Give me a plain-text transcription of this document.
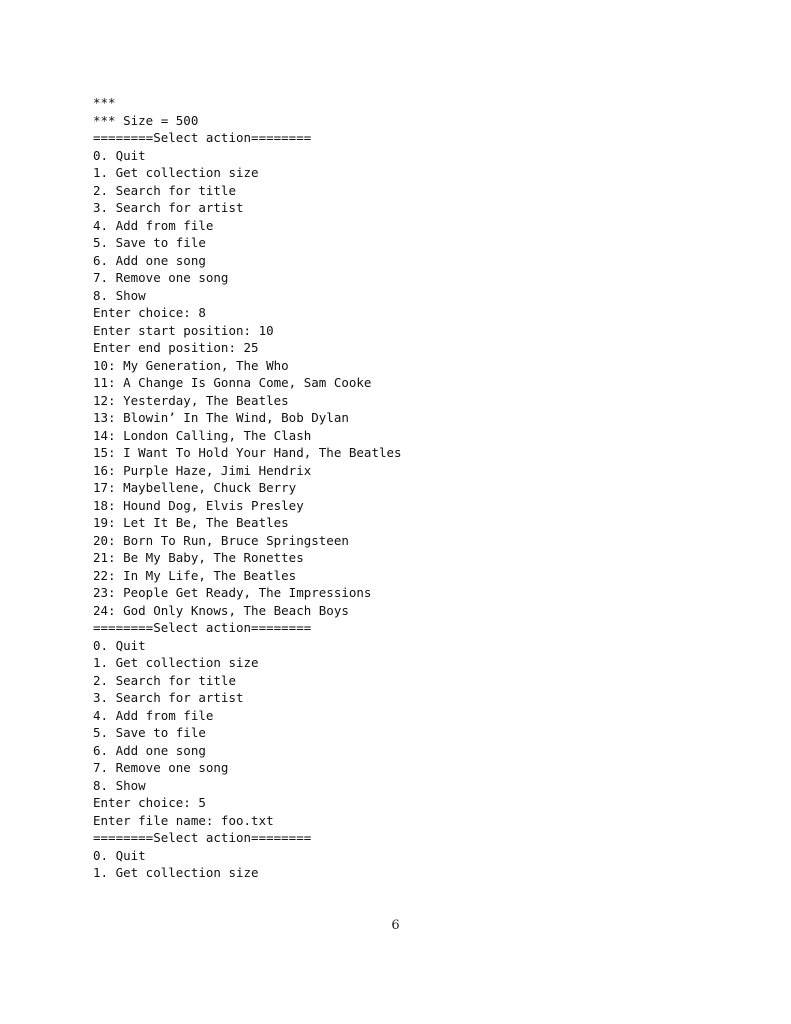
***
*** Size = 500
========Select action========
0. Quit
1. Get collection size
2. Search for title
3. Search for artist
4. Add from file
5. Save to file
6. Add one song
7. Remove one song
8. Show
Enter choice: 8
Enter start position: 10
Enter end position: 25
10: My Generation, The Who
11: A Change Is Gonna Come, Sam Cooke
12: Yesterday, The Beatles
13: Blowin’ In The Wind, Bob Dylan
14: London Calling, The Clash
15: I Want To Hold Your Hand, The Beatles
16: Purple Haze, Jimi Hendrix
17: Maybellene, Chuck Berry
18: Hound Dog, Elvis Presley
19: Let It Be, The Beatles
20: Born To Run, Bruce Springsteen
21: Be My Baby, The Ronettes
22: In My Life, The Beatles
23: People Get Ready, The Impressions
24: God Only Knows, The Beach Boys
========Select action========
0. Quit
1. Get collection size
2. Search for title
3. Search for artist
4. Add from file
5. Save to file
6. Add one song
7. Remove one song
8. Show
Enter choice: 5
Enter file name: foo.txt
========Select action========
0. Quit
1. Get collection size
6
